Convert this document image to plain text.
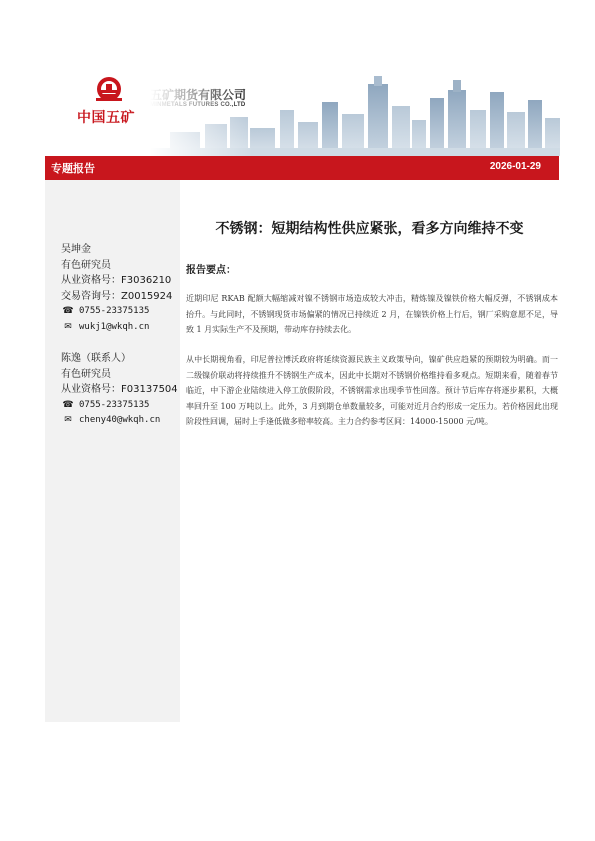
中国五矿
专题报告	2026-01-29
吴坤金
有色研究员
从业资格号：F3036210
交易咨询号：Z0015924
☎ 0755-23375135
✉ wukj1@wkqh.cn
陈逸（联系人）
有色研究员
从业资格号：F03137504
☎ 0755-23375135
✉ cheny40@wkqh.cn
不锈钢：短期结构性供应紧张，看多方向维持不变
报告要点：
近期印尼 RKAB 配额大幅缩减对镍不锈钢市场造成较大冲击，精炼镍及镍铁价格大幅反弹，不锈钢成本抬升。与此同时，不锈钢现货市场偏紧的情况已持续近 2 月，在镍铁价格上行后，钢厂采购意愿不足，导致 1 月实际生产不及预期，带动库存持续去化。
从中长期视角看，印尼普拉博沃政府将延续资源民族主义政策导向，镍矿供应趋紧的预期较为明确。而一二级镍价联动将持续推升不锈钢生产成本，因此中长期对不锈钢价格维持看多观点。短期来看，随着春节临近，中下游企业陆续进入停工放假阶段，不锈钢需求出现季节性回落。预计节后库存将逐步累积，大概率回升至 100 万吨以上。此外，3 月到期仓单数量较多，可能对近月合约形成一定压力。若价格因此出现阶段性回调，届时上手逢低做多赔率较高。主力合约参考区间：14000-15000 元/吨。
